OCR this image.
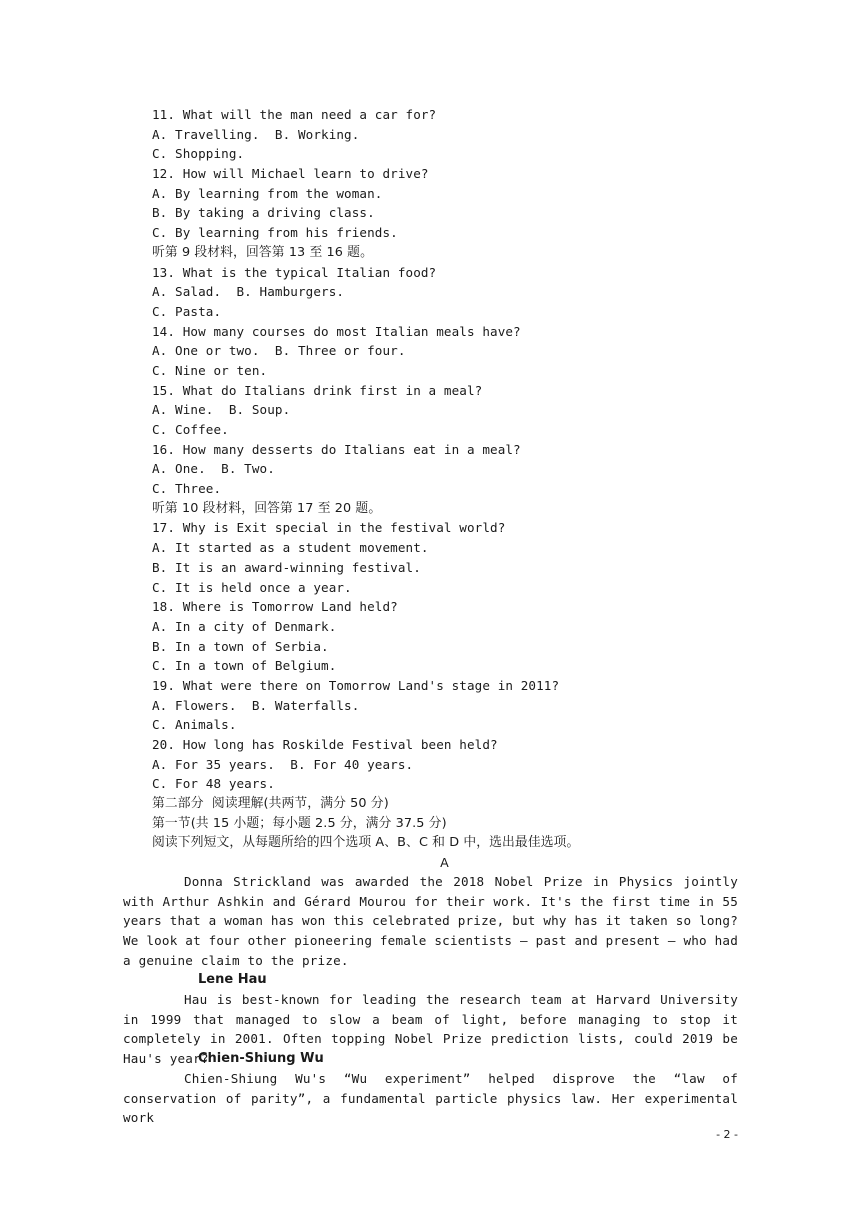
11. What will the man need a car for?
A. Travelling.  B. Working.
C. Shopping.
12. How will Michael learn to drive?
A. By learning from the woman.
B. By taking a driving class.
C. By learning from his friends.
听第 9 段材料，回答第 13 至 16 题。
13. What is the typical Italian food?
A. Salad.  B. Hamburgers.
C. Pasta.
14. How many courses do most Italian meals have?
A. One or two.  B. Three or four.
C. Nine or ten.
15. What do Italians drink first in a meal?
A. Wine.  B. Soup.
C. Coffee.
16. How many desserts do Italians eat in a meal?
A. One.  B. Two.
C. Three.
听第 10 段材料，回答第 17 至 20 题。
17. Why is Exit special in the festival world?
A. It started as a student movement.
B. It is an award-winning festival.
C. It is held once a year.
18. Where is Tomorrow Land held?
A. In a city of Denmark.
B. In a town of Serbia.
C. In a town of Belgium.
19. What were there on Tomorrow Land's stage in 2011?
A. Flowers.  B. Waterfalls.
C. Animals.
20. How long has Roskilde Festival been held?
A. For 35 years.  B. For 40 years.
C. For 48 years.
第二部分  阅读理解(共两节，满分 50 分)
第一节(共 15 小题；每小题 2.5 分，满分 37.5 分)
阅读下列短文，从每题所给的四个选项 A、B、C 和 D 中，选出最佳选项。
A

Donna Strickland was awarded the 2018 Nobel Prize in Physics jointly with Arthur Ashkin and Gérard Mourou for their work. It's the first time in 55 years that a woman has won this celebrated prize, but why has it taken so long? We look at four other pioneering female scientists — past and present — who had a genuine claim to the prize.

Lene Hau

Hau is best-known for leading the research team at Harvard University in 1999 that managed to slow a beam of light, before managing to stop it completely in 2001. Often topping Nobel Prize prediction lists, could 2019 be Hau's year?

Chien-Shiung Wu

Chien-Shiung Wu's “Wu experiment” helped disprove the “law of conservation of parity”, a fundamental particle physics law. Her experimental work

- 2 -
